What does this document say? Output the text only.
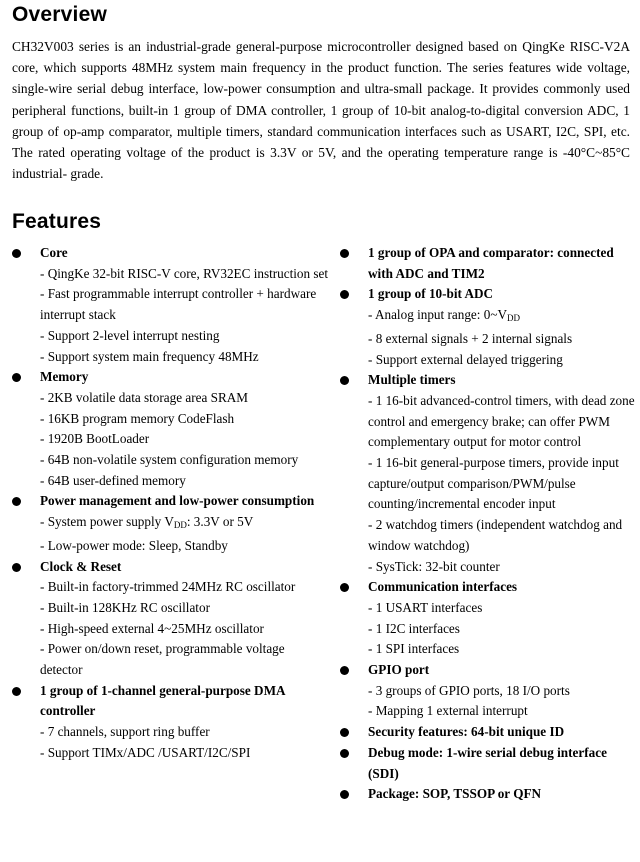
Overview
CH32V003 series is an industrial-grade general-purpose microcontroller designed based on QingKe RISC-V2A core, which supports 48MHz system main frequency in the product function. The series features wide voltage, single-wire serial debug interface, low-power consumption and ultra-small package. It provides commonly used peripheral functions, built-in 1 group of DMA controller, 1 group of 10-bit analog-to-digital conversion ADC, 1 group of op-amp comparator, multiple timers, standard communication interfaces such as USART, I2C, SPI, etc. The rated operating voltage of the product is 3.3V or 5V, and the operating temperature range is -40°C~85°C industrial- grade.
Features
Core
- QingKe 32-bit RISC-V core, RV32EC instruction set
- Fast programmable interrupt controller + hardware interrupt stack
- Support 2-level interrupt nesting
- Support system main frequency 48MHz
Memory
- 2KB volatile data storage area SRAM
- 16KB program memory CodeFlash
- 1920B BootLoader
- 64B non-volatile system configuration memory
- 64B user-defined memory
Power management and low-power consumption
- System power supply $V_{DD}$: 3.3V or 5V
- Low-power mode: Sleep, Standby
Clock & Reset
- Built-in factory-trimmed 24MHz RC oscillator
- Built-in 128KHz RC oscillator
- High-speed external 4~25MHz oscillator
- Power on/down reset, programmable voltage detector
1 group of 1-channel general-purpose DMA controller
- 7 channels, support ring buffer
- Support TIMx/ADC /USART/I2C/SPI
1 group of OPA and comparator: connected with ADC and TIM2
1 group of 10-bit ADC
- Analog input range: $0\sim V_{DD}$
- 8 external signals + 2 internal signals
- Support external delayed triggering
Multiple timers
- 1 16-bit advanced-control timers, with dead zone control and emergency brake; can offer PWM complementary output for motor control
- 1 16-bit general-purpose timers, provide input capture/output comparison/PWM/pulse counting/incremental encoder input
- 2 watchdog timers (independent watchdog and window watchdog)
- SysTick: 32-bit counter
Communication interfaces
- 1 USART interfaces
- 1 I2C interfaces
- 1 SPI interfaces
GPIO port
- 3 groups of GPIO ports, 18 I/O ports
- Mapping 1 external interrupt
Security features: 64-bit unique ID
Debug mode: 1-wire serial debug interface (SDI)
Package: SOP, TSSOP or QFN
